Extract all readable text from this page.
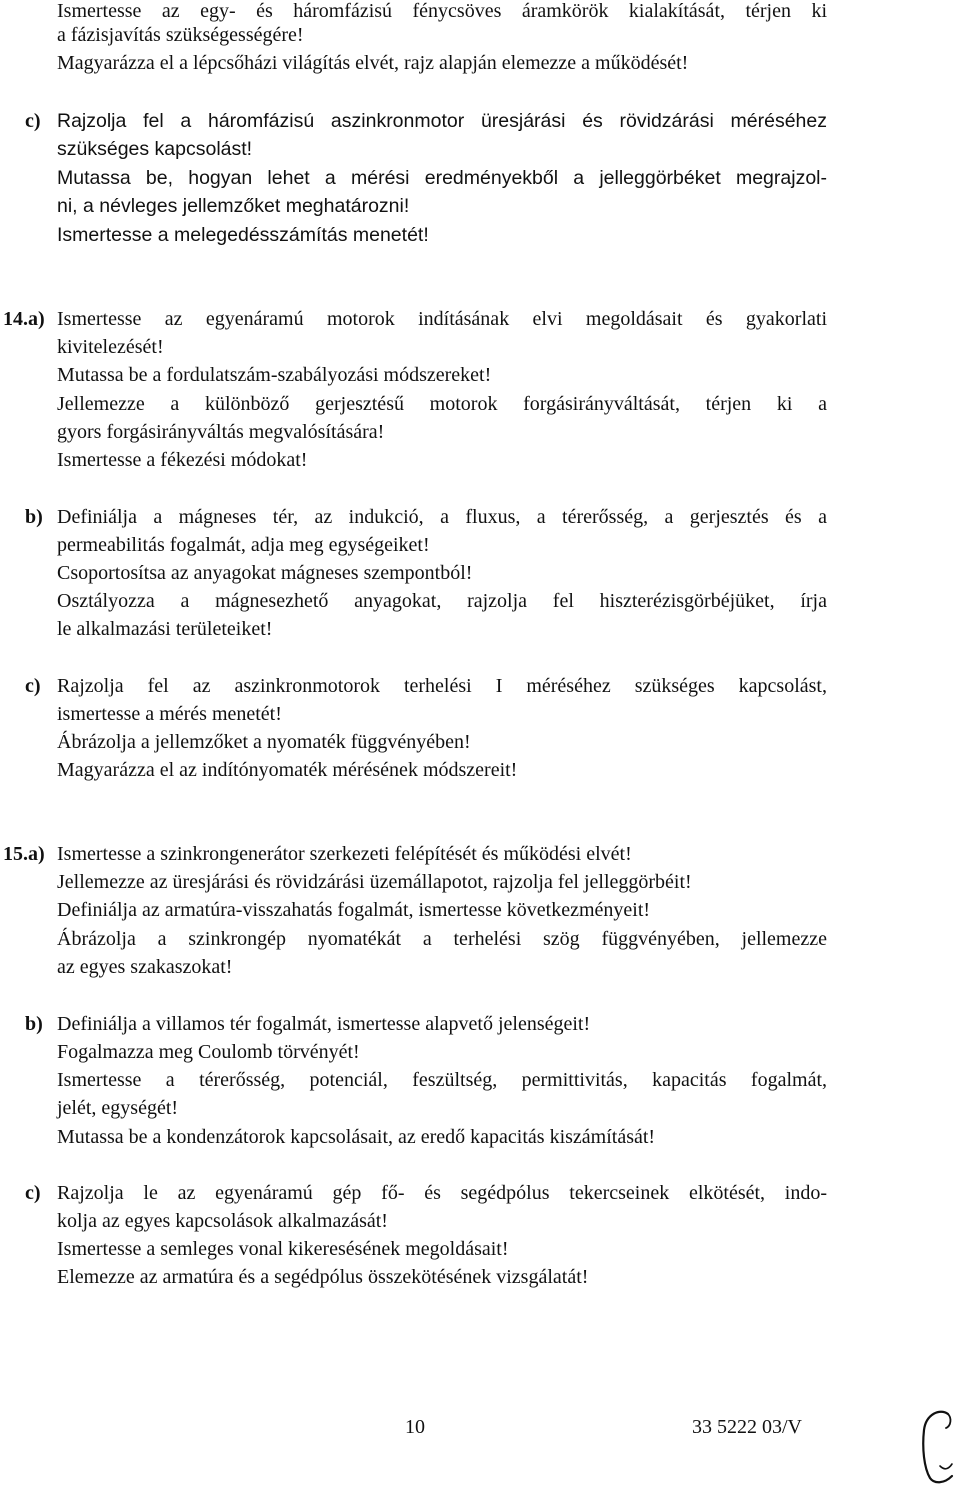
Ismertesse az egy- és háromfázisú fénycsöves áramkörök kialakítását, térjen ki
a fázisjavítás szükségességére!
Magyarázza el a lépcsőházi világítás elvét, rajz alapján elemezze a működését!
c) Rajzolja fel a háromfázisú aszinkronmotor üresjárási és rövidzárási méréséhez
szükséges kapcsolást!
Mutassa be, hogyan lehet a mérési eredményekből a jelleggörbéket megrajzol-
ni, a névleges jellemzőket meghatározni!
Ismertesse a melegedésszámítás menetét!
14.a) Ismertesse az egyenáramú motorok indításának elvi megoldásait és gyakorlati
kivitelezését!
Mutassa be a fordulatszám-szabályozási módszereket!
Jellemezze a különböző gerjesztésű motorok forgásirányváltását, térjen ki a
gyors forgásirányváltás megvalósítására!
Ismertesse a fékezési módokat!
b) Definiálja a mágneses tér, az indukció, a fluxus, a térerősség, a gerjesztés és a
permeabilitás fogalmát, adja meg egységeiket!
Csoportosítsa az anyagokat mágneses szempontból!
Osztályozza a mágnesezhető anyagokat, rajzolja fel hiszterézisgörbéjüket, írja
le alkalmazási területeiket!
c) Rajzolja fel az aszinkronmotorok terhelési I méréséhez szükséges kapcsolást,
ismertesse a mérés menetét!
Ábrázolja a jellemzőket a nyomaték függvényében!
Magyarázza el az indítónyomaték mérésének módszereit!
15.a) Ismertesse a szinkrongenerátor szerkezeti felépítését és működési elvét!
Jellemezze az üresjárási és rövidzárási üzemállapotot, rajzolja fel jelleggörbéit!
Definiálja az armatúra-visszahatás fogalmát, ismertesse következményeit!
Ábrázolja a szinkrongép nyomatékát a terhelési szög függvényében, jellemezze
az egyes szakaszokat!
b) Definiálja a villamos tér fogalmát, ismertesse alapvető jelenségeit!
Fogalmazza meg Coulomb törvényét!
Ismertesse a térerősség, potenciál, feszültség, permittivitás, kapacitás fogalmát,
jelét, egységét!
Mutassa be a kondenzátorok kapcsolásait, az eredő kapacitás kiszámítását!
c) Rajzolja le az egyenáramú gép fő- és segédpólus tekercseinek elkötését, indo-
kolja az egyes kapcsolások alkalmazását!
Ismertesse a semleges vonal kikeresésének megoldásait!
Elemezze az armatúra és a segédpólus összekötésének vizsgálatát!
10	33 5222 03/V
